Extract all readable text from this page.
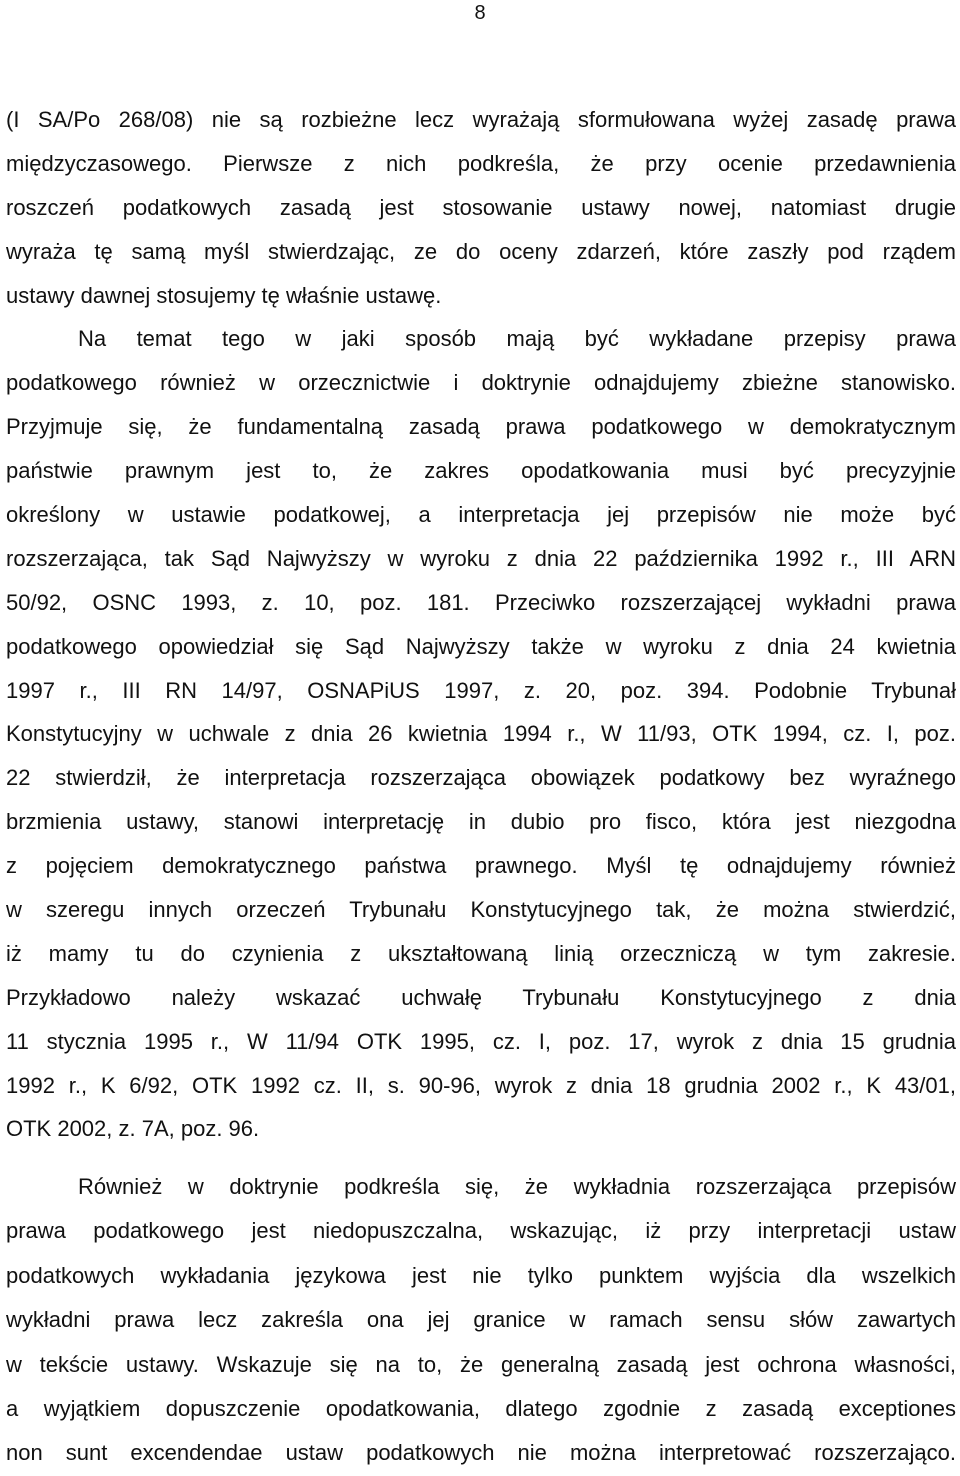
8
(I SA/Po 268/08) nie są rozbieżne lecz wyrażają sformułowana wyżej zasadę prawa
międzyczasowego. Pierwsze z nich podkreśla, że przy ocenie przedawnienia
roszczeń podatkowych zasadą jest stosowanie ustawy nowej, natomiast drugie
wyraża tę samą myśl stwierdzając, ze do oceny zdarzeń, które zaszły pod rządem
ustawy dawnej stosujemy tę właśnie ustawę.
Na temat tego w jaki sposób mają być wykładane przepisy prawa
podatkowego również w orzecznictwie i doktrynie odnajdujemy zbieżne stanowisko.
Przyjmuje się, że fundamentalną zasadą prawa podatkowego w demokratycznym
państwie prawnym jest to, że zakres opodatkowania musi być precyzyjnie
określony w ustawie podatkowej, a interpretacja jej przepisów nie może być
rozszerzająca, tak Sąd Najwyższy w wyroku z dnia 22 października 1992 r., III ARN
50/92, OSNC 1993, z. 10, poz. 181. Przeciwko rozszerzającej wykładni prawa
podatkowego opowiedział się Sąd Najwyższy także w wyroku z dnia 24 kwietnia
1997 r., III RN 14/97, OSNAPiUS 1997, z. 20, poz. 394. Podobnie Trybunał
Konstytucyjny w uchwale z dnia 26 kwietnia 1994 r., W 11/93, OTK 1994, cz. I, poz.
22 stwierdził, że interpretacja rozszerzająca obowiązek podatkowy bez wyraźnego
brzmienia ustawy, stanowi interpretację in dubio pro fisco, która jest niezgodna
z pojęciem demokratycznego państwa prawnego. Myśl tę odnajdujemy również
w szeregu innych orzeczeń Trybunału Konstytucyjnego tak, że można stwierdzić,
iż mamy tu do czynienia z ukształtowaną linią orzeczniczą w tym zakresie.
Przykładowo należy wskazać uchwałę Trybunału Konstytucyjnego z dnia
11 stycznia 1995 r., W 11/94 OTK 1995, cz. I, poz. 17, wyrok z dnia 15 grudnia
1992 r., K 6/92, OTK 1992 cz. II, s. 90-96, wyrok z dnia 18 grudnia 2002 r., K 43/01,
OTK 2002, z. 7A, poz. 96.
Również w doktrynie podkreśla się, że wykładnia rozszerzająca przepisów
prawa podatkowego jest niedopuszczalna, wskazując, iż przy interpretacji ustaw
podatkowych wykładania językowa jest nie tylko punktem wyjścia dla wszelkich
wykładni prawa lecz zakreśla ona jej granice w ramach sensu słów zawartych
w tekście ustawy. Wskazuje się na to, że generalną zasadą jest ochrona własności,
a wyjątkiem dopuszczenie opodatkowania, dlatego zgodnie z zasadą exceptiones
non sunt excendendae ustaw podatkowych nie można interpretować rozszerzająco.
